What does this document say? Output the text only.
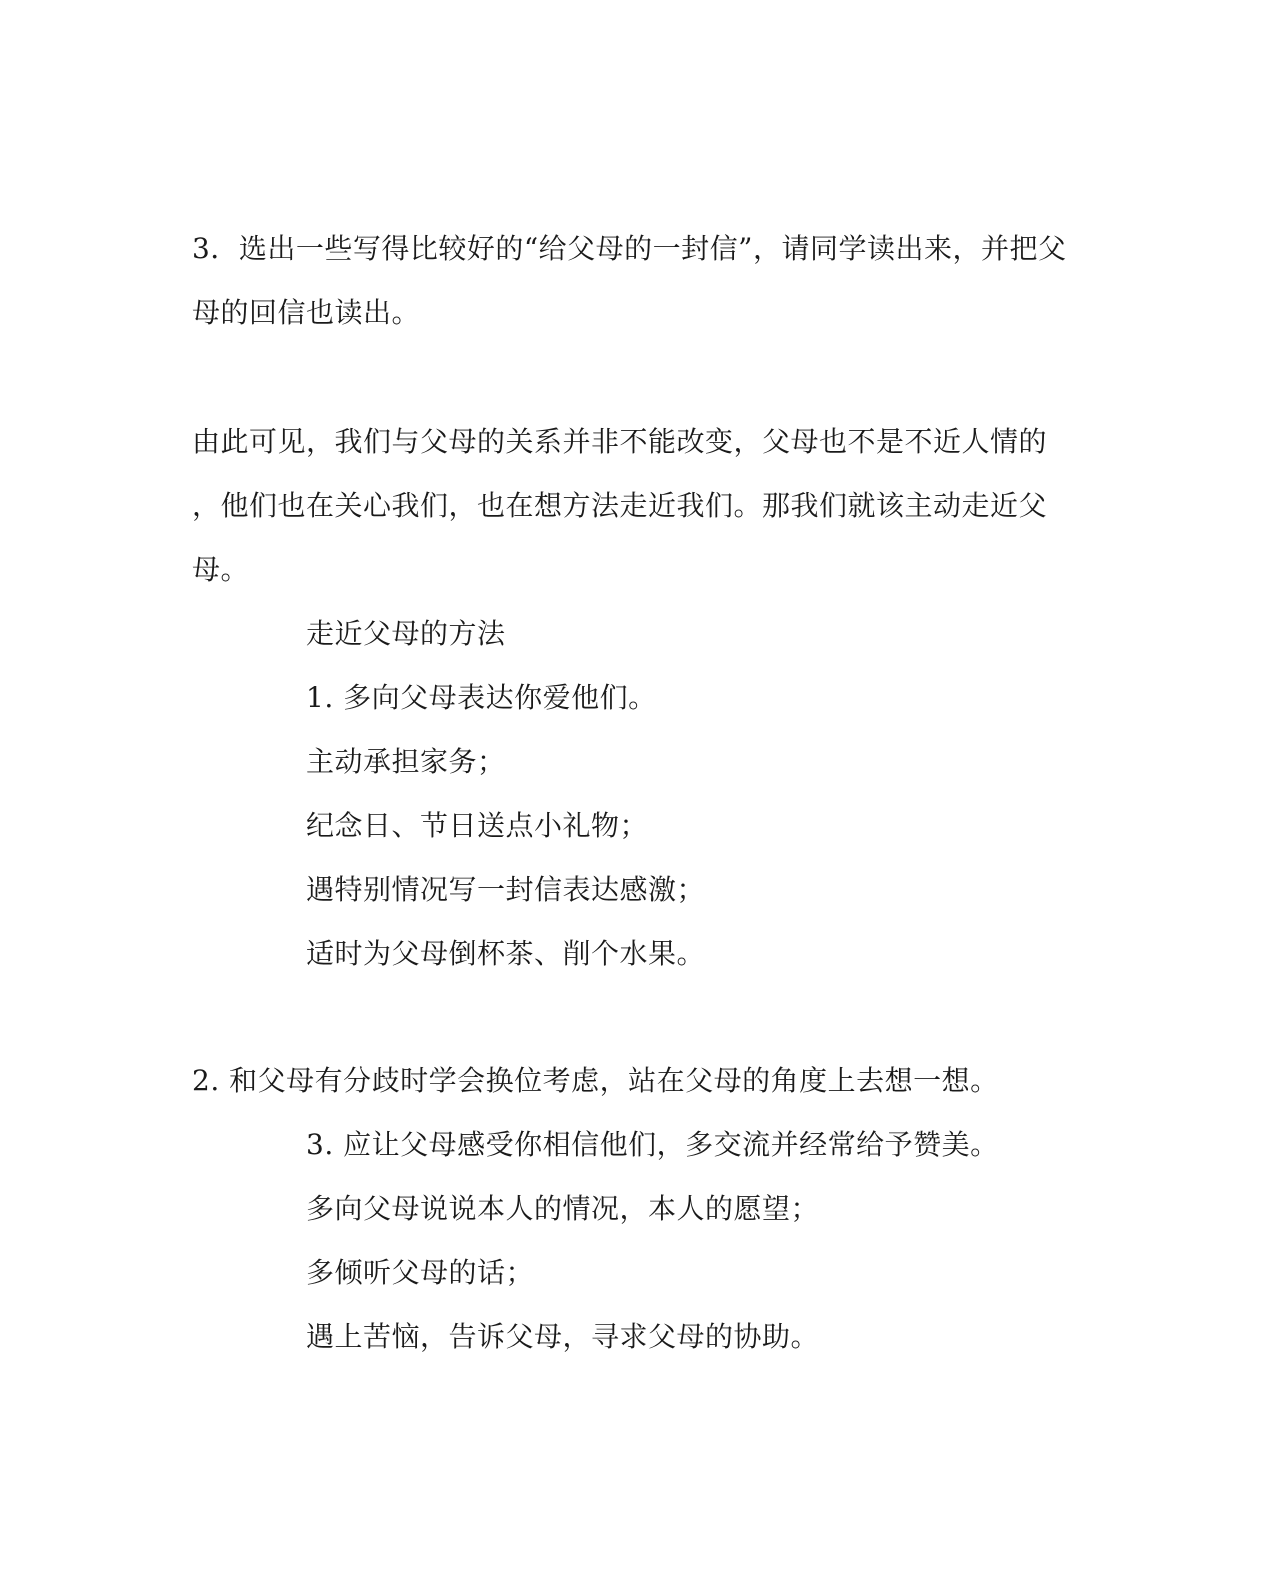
3．选出一些写得比较好的“给父母的一封信”，请同学读出来，并把父
母的回信也读出。
由此可见，我们与父母的关系并非不能改变，父母也不是不近人情的
，他们也在关心我们，也在想方法走近我们。那我们就该主动走近父
母。
走近父母的方法
1. 多向父母表达你爱他们。
主动承担家务；
纪念日、节日送点小礼物；
遇特别情况写一封信表达感激；
适时为父母倒杯茶、削个水果。
2. 和父母有分歧时学会换位考虑，站在父母的角度上去想一想。
3. 应让父母感受你相信他们，多交流并经常给予赞美。
多向父母说说本人的情况，本人的愿望；
多倾听父母的话；
遇上苦恼，告诉父母，寻求父母的协助。
